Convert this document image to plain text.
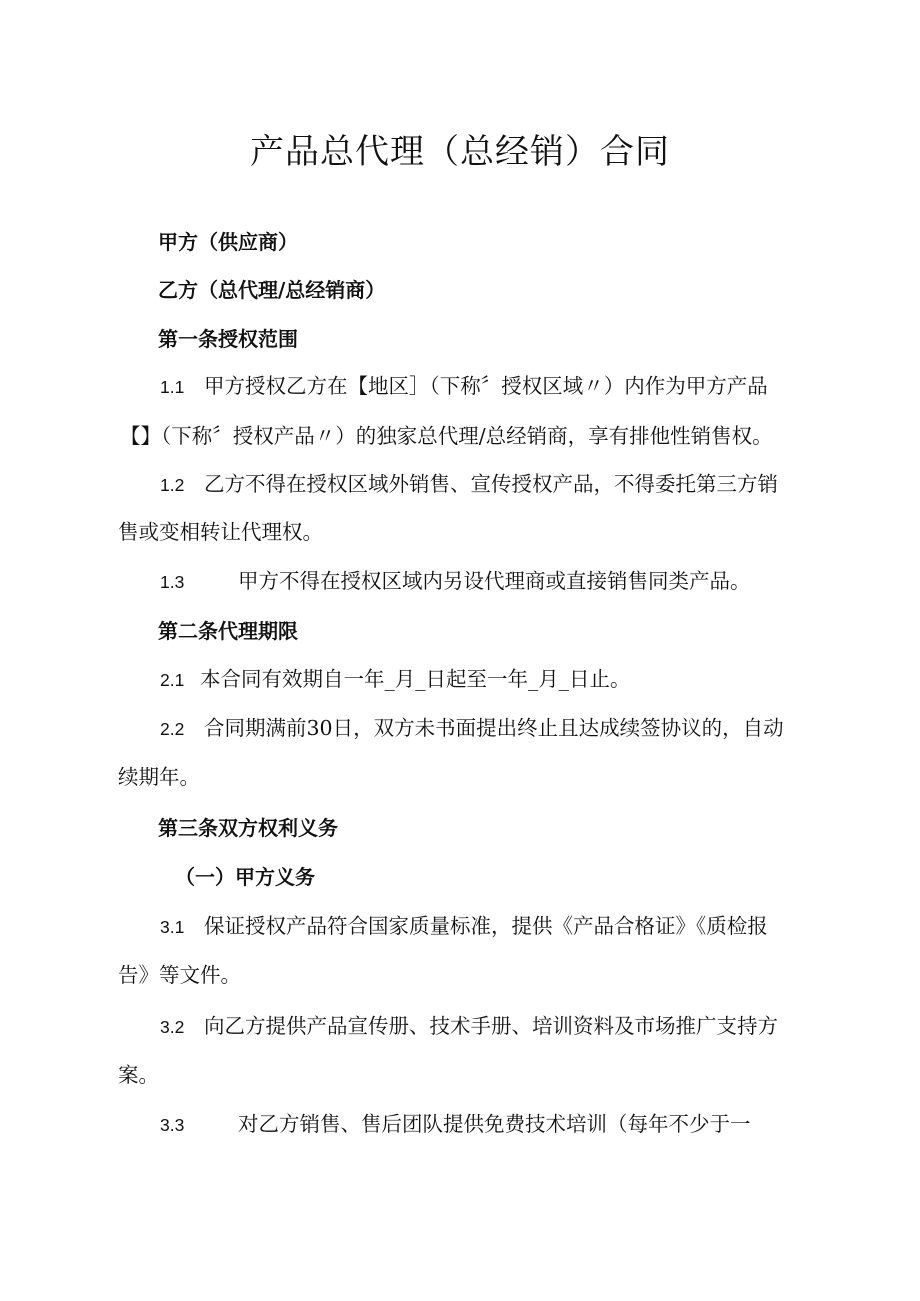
产品总代理（总经销）合同
甲方（供应商）
乙方（总代理/总经销商）
第一条授权范围
1.1 甲方授权乙方在【地区］（下称〞授权区域〃）内作为甲方产品
【】（下称〞授权产品〃）的独家总代理/总经销商，享有排他性销售权。
1.2 乙方不得在授权区域外销售、宣传授权产品，不得委托第三方销
售或变相转让代理权。
1.3	甲方不得在授权区域内另设代理商或直接销售同类产品。
第二条代理期限
2.1 本合同有效期自一年_月_日起至一年_月_日止。
2.2 合同期满前30日，双方未书面提出终止且达成续签协议的，自动
续期年。
第三条双方权利义务
（一）甲方义务
3.1 保证授权产品符合国家质量标准，提供《产品合格证》《质检报
告》等文件。
3.2 向乙方提供产品宣传册、技术手册、培训资料及市场推广支持方
案。
3.3	对乙方销售、售后团队提供免费技术培训（每年不少于一
